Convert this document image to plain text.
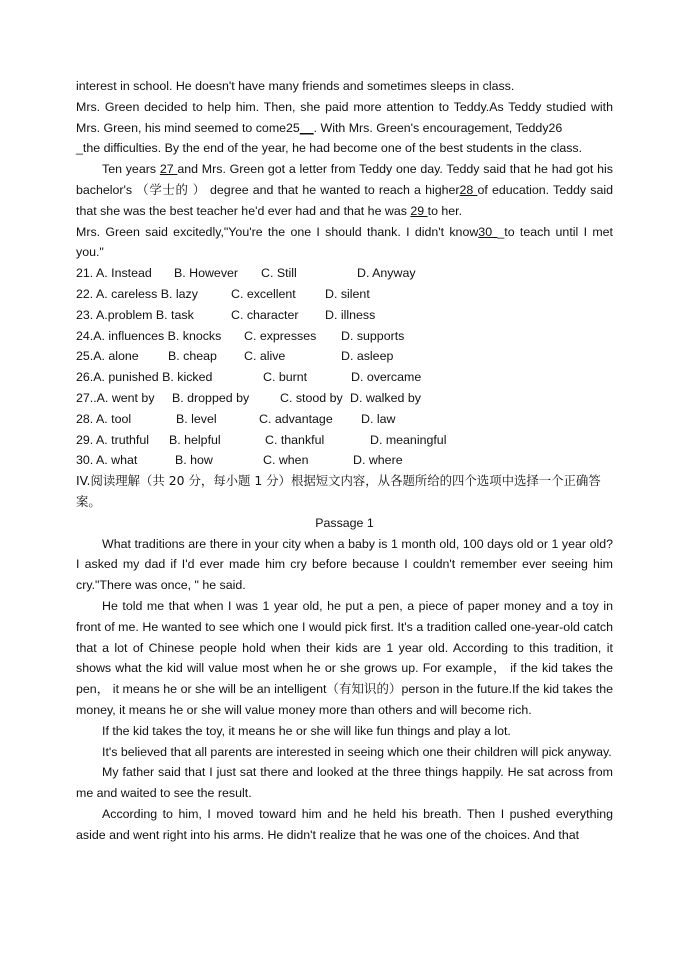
interest in school. He doesn't have many friends and sometimes sleeps in class.

Mrs. Green decided to help him. Then, she paid more attention to Teddy.As Teddy studied with Mrs. Green, his mind seemed to come25__. With Mrs. Green's encouragement, Teddy26
_the difficulties. By the end of the year, he had become one of the best students in the class.

Ten years 27 and Mrs. Green got a letter from Teddy one day. Teddy said that he had got his bachelor's （学士的 ） degree and that he wanted to reach a higher28 of education. Teddy said that she was the best teacher he'd ever had and that he was 29 to her.

Mrs. Green said excitedly,"You're the one I should thank. I didn't know30 _to teach until I met you."

21. A. Instead	B. However	C. Still	D. Anyway

22. A. careless B. lazy	C. excellent	D. silent

23. A.problem B. task	C. character	D. illness

24.A. influences B. knocks	C. expresses	D. supports

25.A. alone	B. cheap	C. alive	D. asleep

26.A. punished B. kicked	C. burnt	D. overcame

27..A. went by	B. dropped by	C. stood by D. walked by

28. A. tool	B. level	C. advantage	D. law

29. A. truthful	B. helpful	C. thankful	D. meaningful

30. A. what	B. how	C. when	D. where

IV.阅读理解（共 20 分，每小题 1 分）根据短文内容，从各题所给的四个选项中选择一个正确答案。

Passage 1

What traditions are there in your city when a baby is 1 month old, 100 days old or 1 year old?I asked my dad if I'd ever made him cry before because I couldn't remember ever seeing him cry."There was once, " he said.

He told me that when I was 1 year old, he put a pen, a piece of paper money and a toy in front of me. He wanted to see which one I would pick first. It's a tradition called one-year-old catch that a lot of Chinese people hold when their kids are 1 year old. According to this tradition, it shows what the kid will value most when he or she grows up. For example， if the kid takes the pen， it means he or she will be an intelligent（有知识的）person in the future.If the kid takes the money, it means he or she will value money more than others and will become rich.

If the kid takes the toy, it means he or she will like fun things and play a lot.

It's believed that all parents are interested in seeing which one their children will pick anyway.

My father said that I just sat there and looked at the three things happily. He sat across from me and waited to see the result.

According to him, I moved toward him and he held his breath. Then I pushed everything aside and went right into his arms. He didn't realize that he was one of the choices. And that
